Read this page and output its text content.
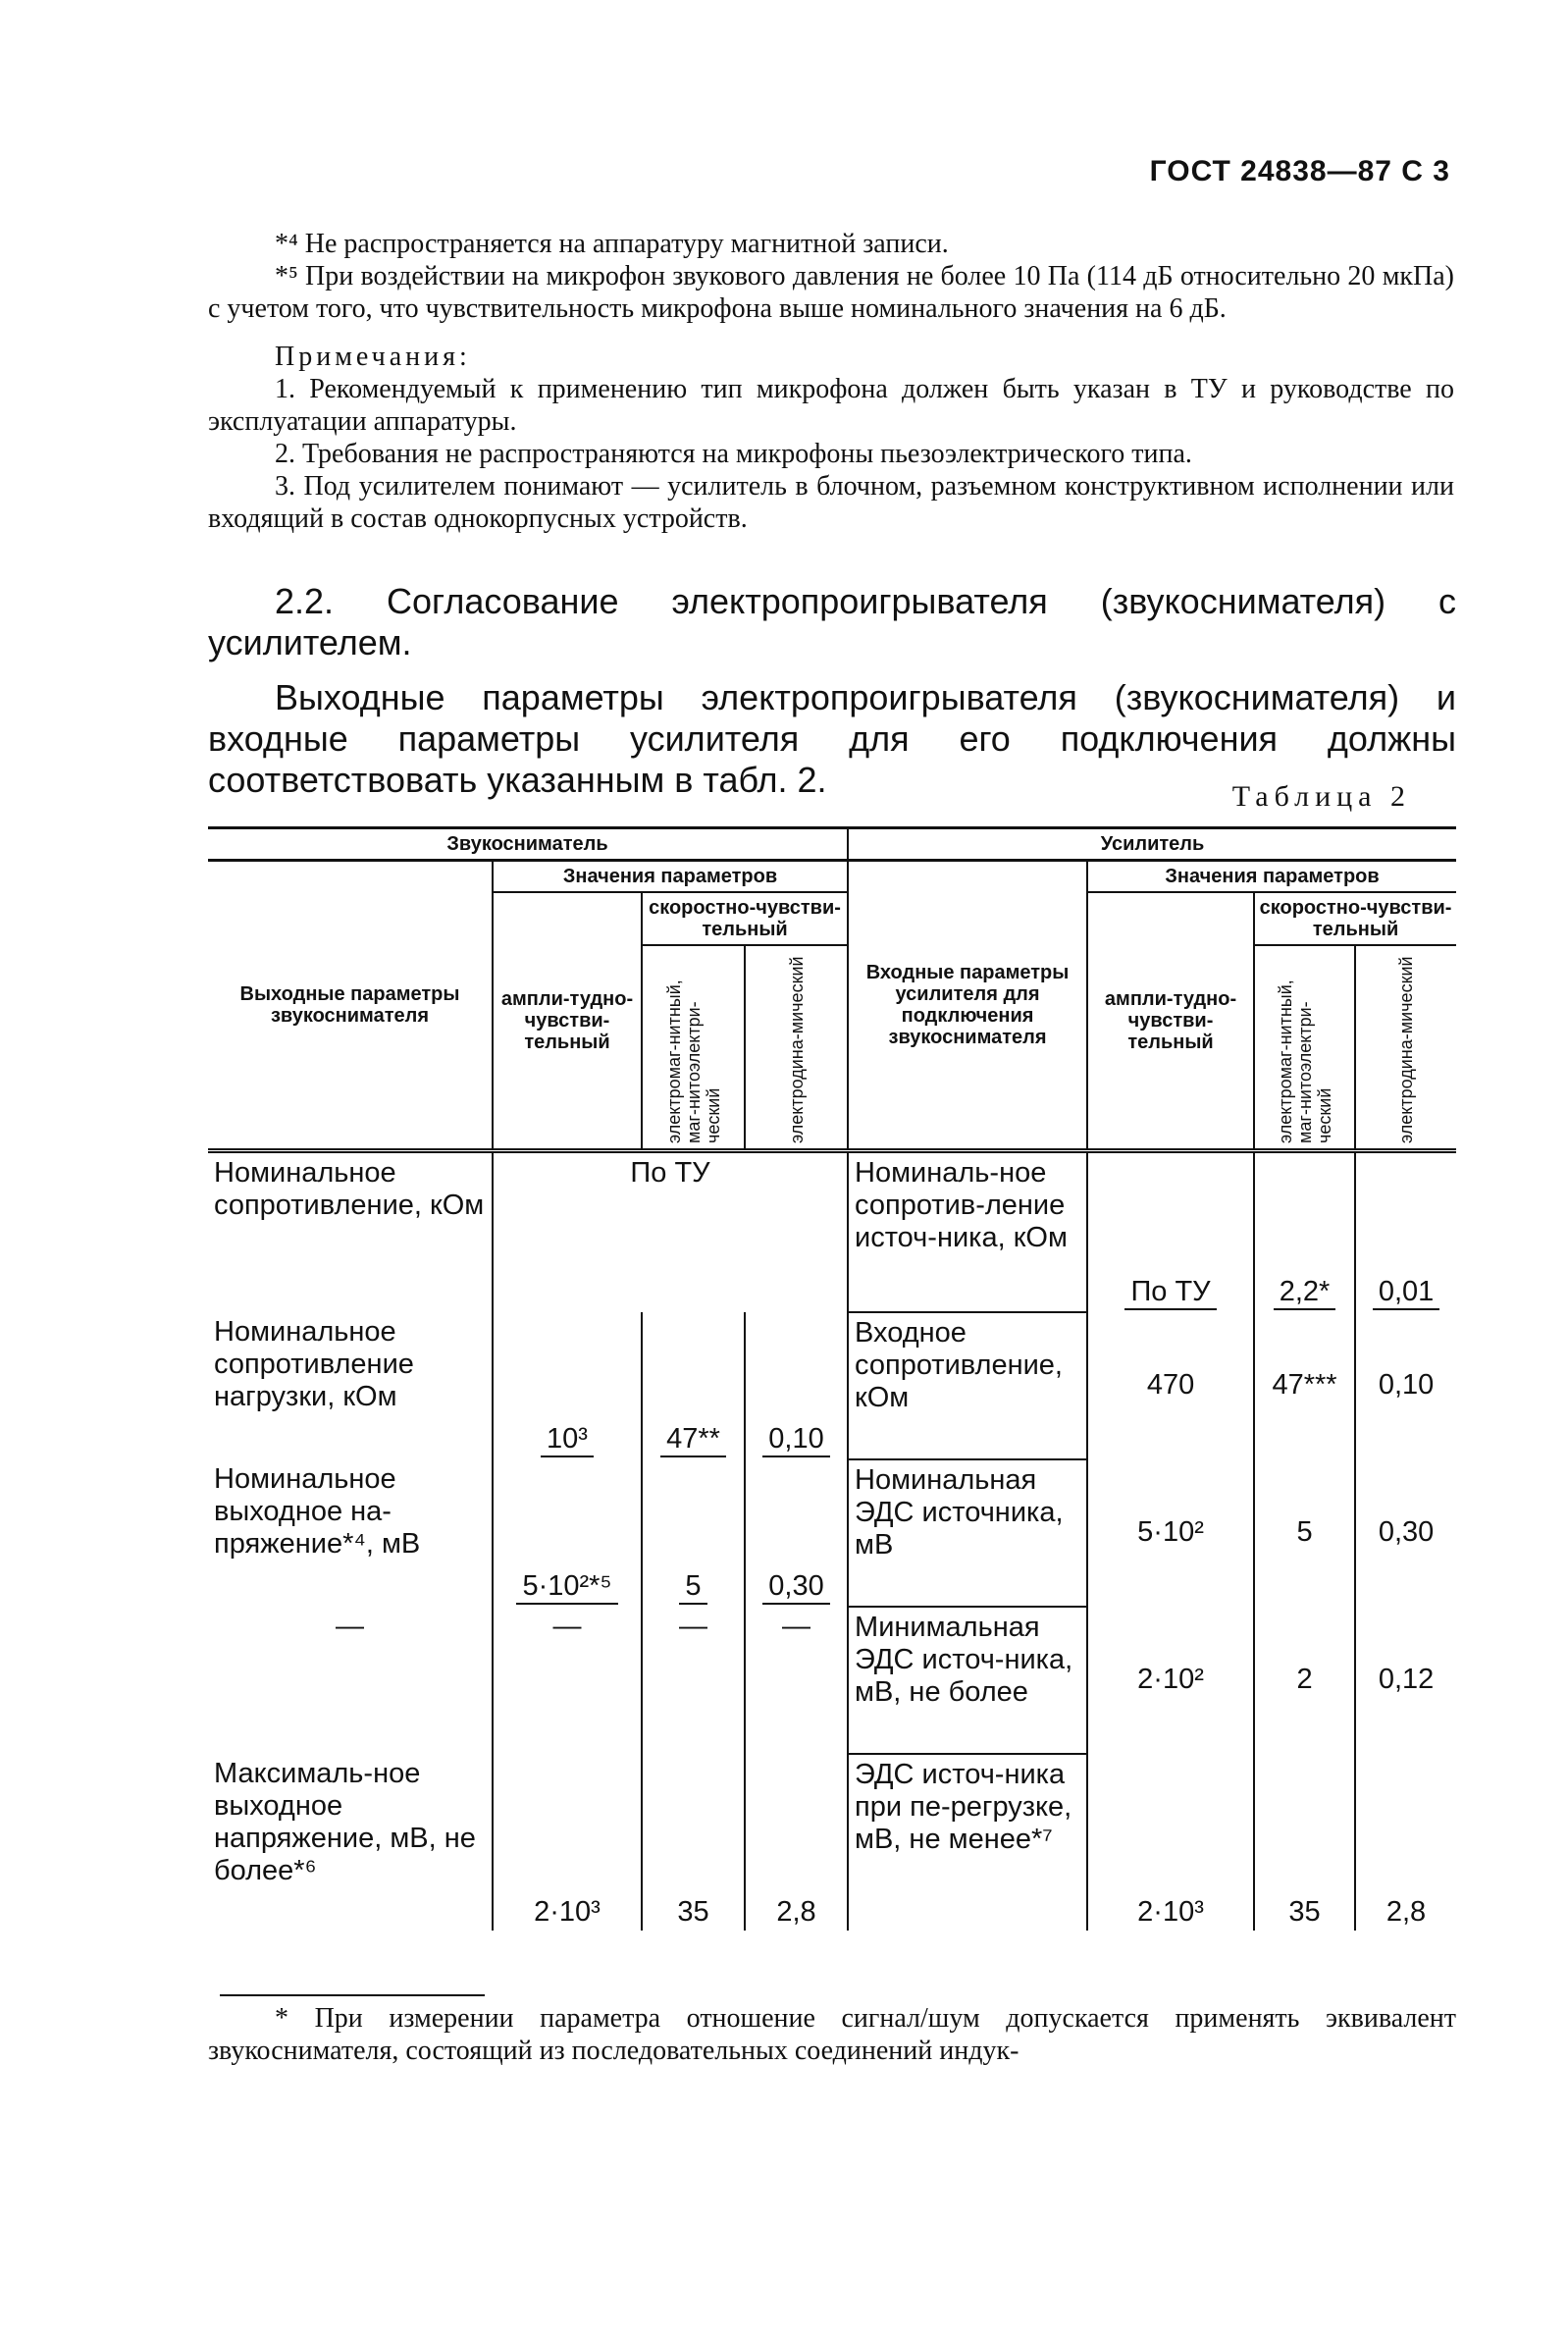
ГОСТ 24838—87 С 3

*⁴ Не распространяется на аппаратуру магнитной записи.

*⁵ При воздействии на микрофон звукового давления не более 10 Па (114 дБ относительно 20 мкПа) с учетом того, что чувствительность микрофона выше номинального значения на 6 дБ.

Примечания:

1. Рекомендуемый к применению тип микрофона должен быть указан в ТУ и руководстве по эксплуатации аппаратуры.

2. Требования не распространяются на микрофоны пьезоэлектрического типа.

3. Под усилителем понимают — усилитель в блочном, разъемном конструктивном исполнении или входящий в состав однокорпусных устройств.

2.2. Согласование электропроигрывателя (звукоснимателя) с усилителем.

Выходные параметры электропроигрывателя (звукоснимателя) и входные параметры усилителя для его подключения должны соответствовать указанным в табл. 2.	Таблица 2
Звукосниматель				Усилитель			
Выходные параметры звукоснимателя	Значения параметров			Входные параметры усилителя для подключения звукоснимателя	Значения параметров		
	ампли-тудно-чувстви-тельный	скоростно-чувстви-тельный			ампли-тудно-чувстви-тельный	скоростно-чувстви-тельный	
		электромаг-нитный, маг-нитоэлектри-ческий	электродина-мический			электромаг-нитный, маг-нитоэлектри-ческий	электродина-мический
Номинальное сопротивление, кОм	По ТУ			Номиналь-ное сопротив-ление источ-ника, кОм	По ТУ	2,2*	0,01
Номинальное сопротивление нагрузки, кОм	10³	47**	0,10	Входное сопротивление, кОм	470	47***	0,10
Номинальное выходное на-пряжение*⁴, мВ	5·10²*⁵	5	0,30	Номинальная ЭДС источника, мВ	5·10²	5	0,30
—	—	—	—	Минимальная ЭДС источ-ника, мВ, не более	2·10²	2	0,12
Максималь-ное выходное напряжение, мВ, не более*⁶	2·10³	35	2,8	ЭДС источ-ника при пе-регрузке, мВ, не менее*⁷	2·10³	35	2,8

* При измерении параметра отношение сигнал/шум допускается применять эквивалент звукоснимателя, состоящий из последовательных соединений индук-
